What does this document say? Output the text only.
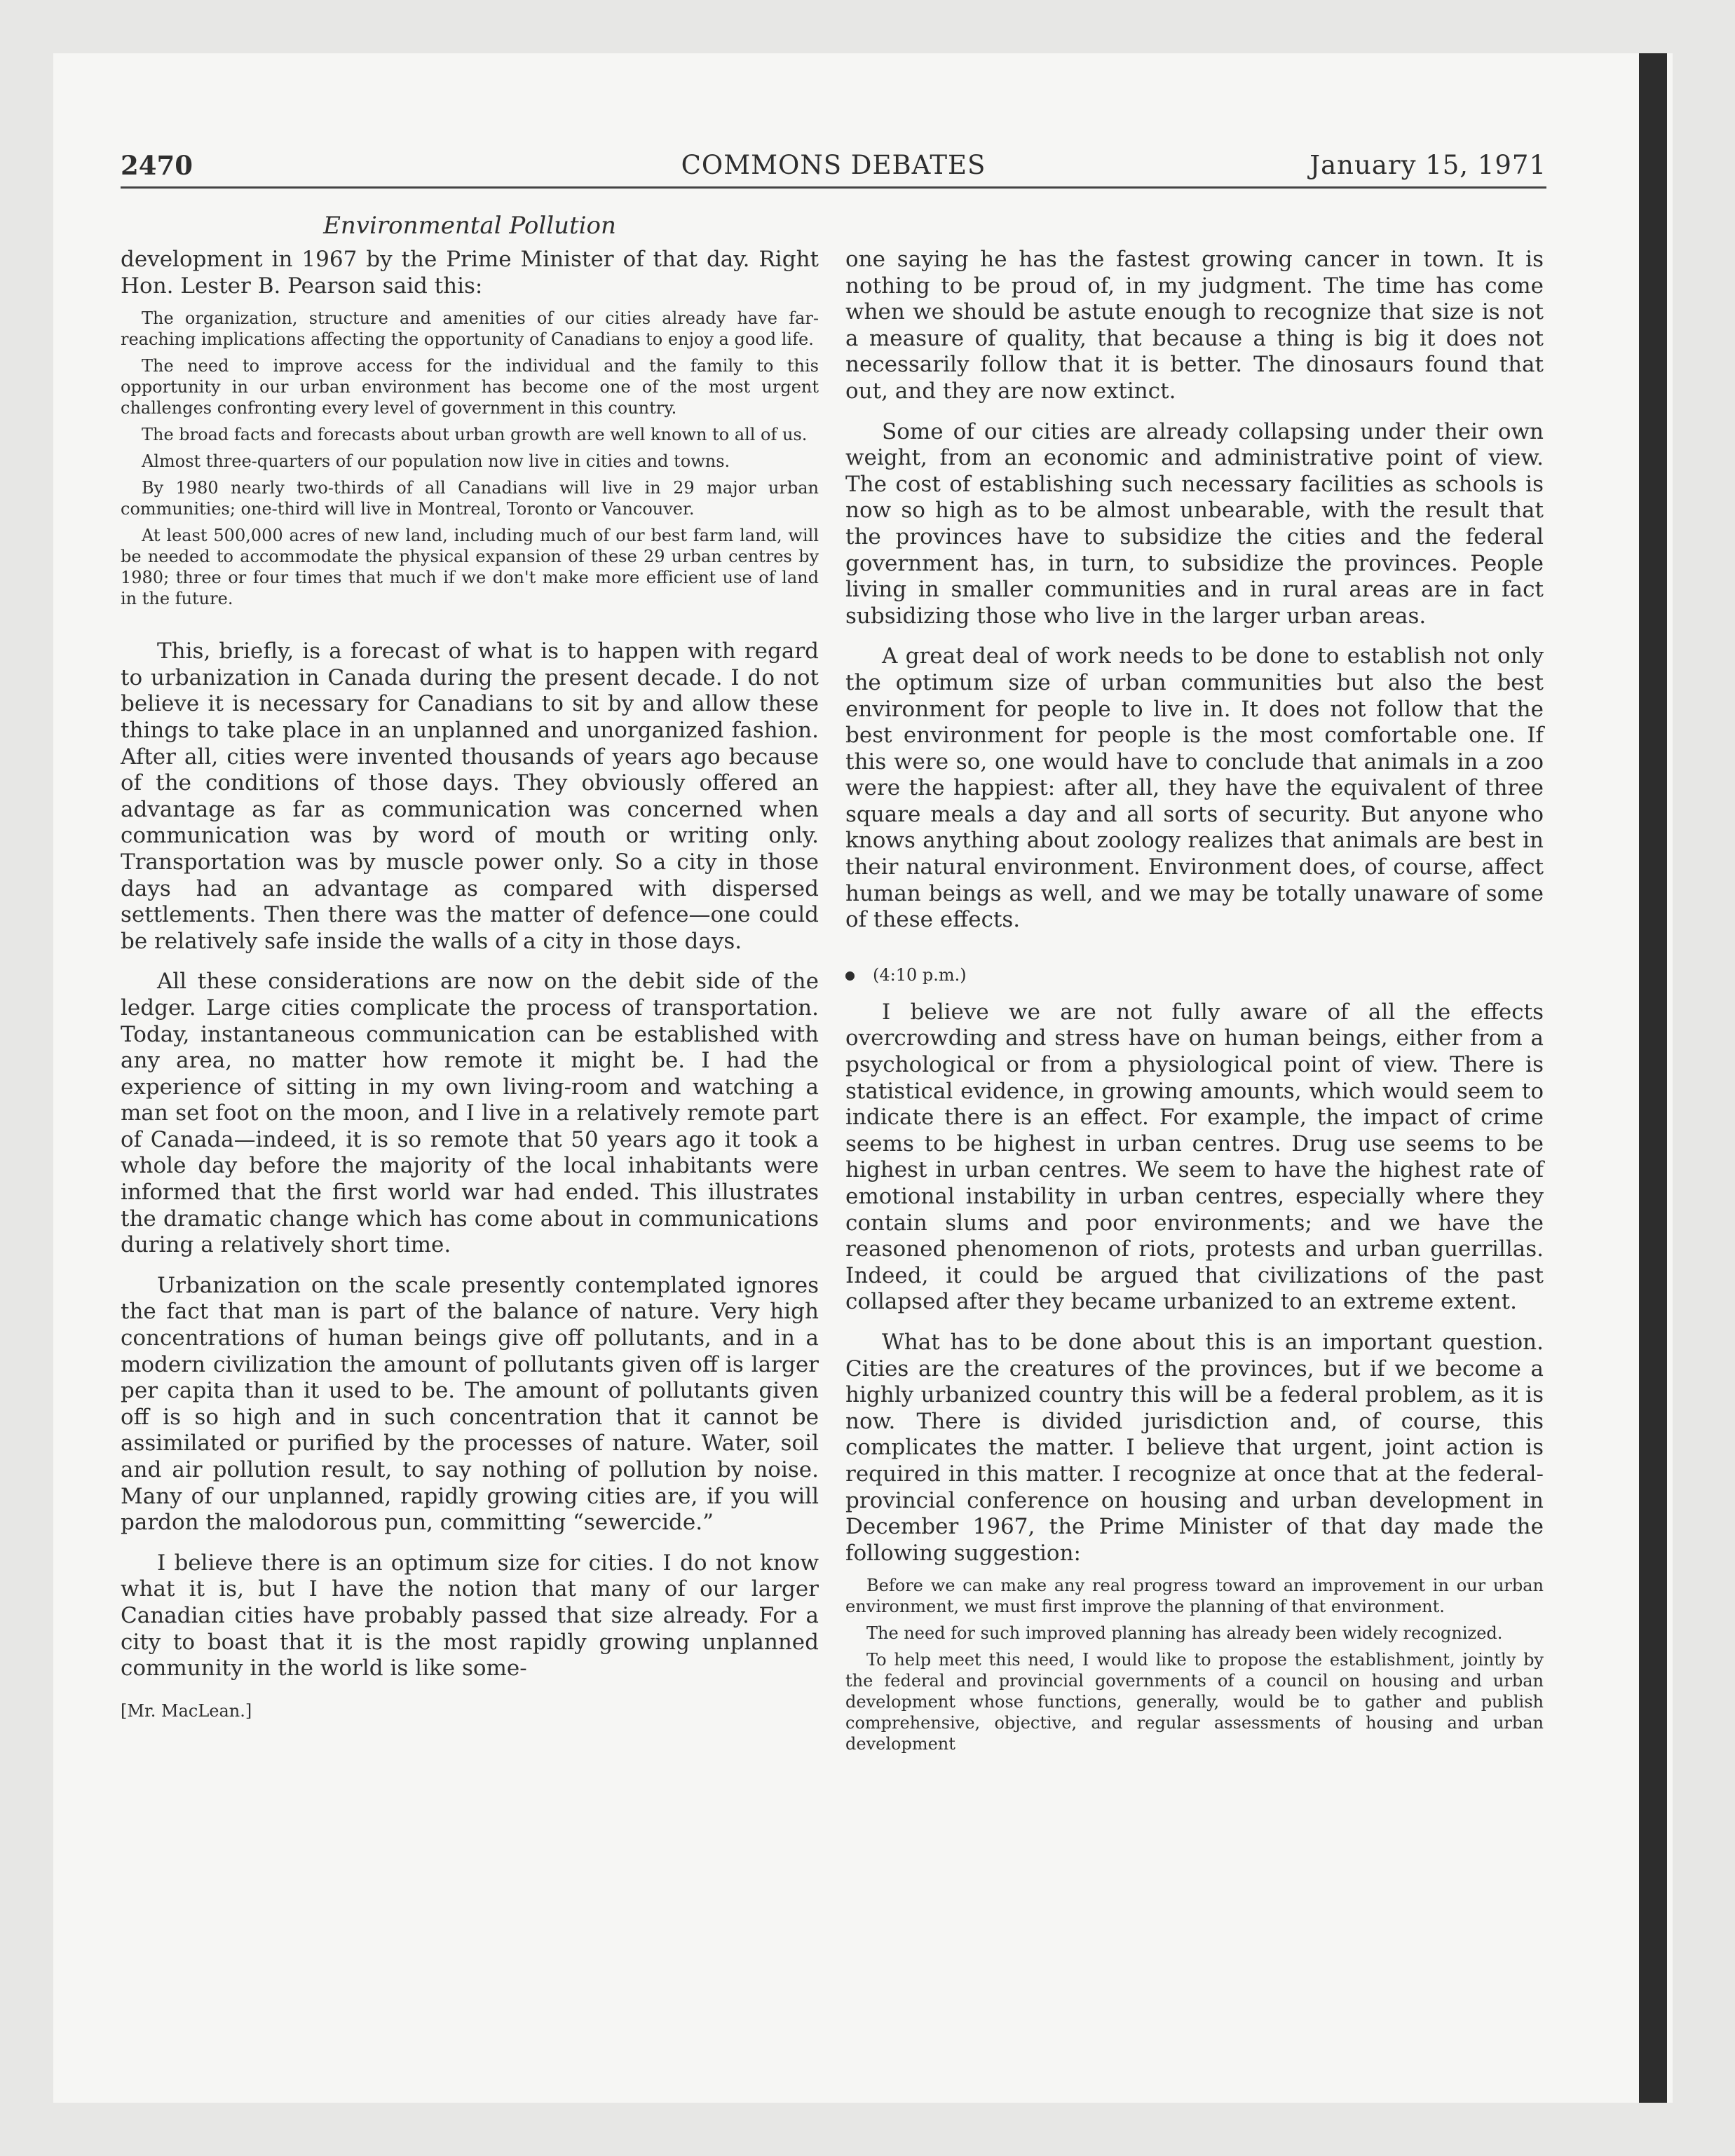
2470	COMMONS DEBATES	January 15, 1971
Environmental Pollution

development in 1967 by the Prime Minister of that day. Right Hon. Lester B. Pearson said this:

The organization, structure and amenities of our cities already have far-reaching implications affecting the opportunity of Canadians to enjoy a good life.

The need to improve access for the individual and the family to this opportunity in our urban environment has become one of the most urgent challenges confronting every level of government in this country.

The broad facts and forecasts about urban growth are well known to all of us.

Almost three-quarters of our population now live in cities and towns.

By 1980 nearly two-thirds of all Canadians will live in 29 major urban communities; one-third will live in Montreal, Toronto or Vancouver.

At least 500,000 acres of new land, including much of our best farm land, will be needed to accommodate the physical expansion of these 29 urban centres by 1980; three or four times that much if we don't make more efficient use of land in the future.

This, briefly, is a forecast of what is to happen with regard to urbanization in Canada during the present decade. I do not believe it is necessary for Canadians to sit by and allow these things to take place in an unplanned and unorganized fashion. After all, cities were invented thousands of years ago because of the conditions of those days. They obviously offered an advantage as far as communication was concerned when communication was by word of mouth or writing only. Transportation was by muscle power only. So a city in those days had an advantage as compared with dispersed settlements. Then there was the matter of defence—one could be relatively safe inside the walls of a city in those days.

All these considerations are now on the debit side of the ledger. Large cities complicate the process of transportation. Today, instantaneous communication can be established with any area, no matter how remote it might be. I had the experience of sitting in my own living-room and watching a man set foot on the moon, and I live in a relatively remote part of Canada—indeed, it is so remote that 50 years ago it took a whole day before the majority of the local inhabitants were informed that the first world war had ended. This illustrates the dramatic change which has come about in communications during a relatively short time.

Urbanization on the scale presently contemplated ignores the fact that man is part of the balance of nature. Very high concentrations of human beings give off pollutants, and in a modern civilization the amount of pollutants given off is larger per capita than it used to be. The amount of pollutants given off is so high and in such concentration that it cannot be assimilated or purified by the processes of nature. Water, soil and air pollution result, to say nothing of pollution by noise. Many of our unplanned, rapidly growing cities are, if you will pardon the malodorous pun, committing “sewercide.”

I believe there is an optimum size for cities. I do not know what it is, but I have the notion that many of our larger Canadian cities have probably passed that size already. For a city to boast that it is the most rapidly growing unplanned community in the world is like some-

[Mr. MacLean.]

one saying he has the fastest growing cancer in town. It is nothing to be proud of, in my judgment. The time has come when we should be astute enough to recognize that size is not a measure of quality, that because a thing is big it does not necessarily follow that it is better. The dinosaurs found that out, and they are now extinct.

Some of our cities are already collapsing under their own weight, from an economic and administrative point of view. The cost of establishing such necessary facilities as schools is now so high as to be almost unbearable, with the result that the provinces have to subsidize the cities and the federal government has, in turn, to subsidize the provinces. People living in smaller communities and in rural areas are in fact subsidizing those who live in the larger urban areas.

A great deal of work needs to be done to establish not only the optimum size of urban communities but also the best environment for people to live in. It does not follow that the best environment for people is the most comfortable one. If this were so, one would have to conclude that animals in a zoo were the happiest: after all, they have the equivalent of three square meals a day and all sorts of security. But anyone who knows anything about zoology realizes that animals are best in their natural environment. Environment does, of course, affect human beings as well, and we may be totally unaware of some of these effects.

(4:10 p.m.)

I believe we are not fully aware of all the effects overcrowding and stress have on human beings, either from a psychological or from a physiological point of view. There is statistical evidence, in growing amounts, which would seem to indicate there is an effect. For example, the impact of crime seems to be highest in urban centres. Drug use seems to be highest in urban centres. We seem to have the highest rate of emotional instability in urban centres, especially where they contain slums and poor environments; and we have the reasoned phenomenon of riots, protests and urban guerrillas. Indeed, it could be argued that civilizations of the past collapsed after they became urbanized to an extreme extent.

What has to be done about this is an important question. Cities are the creatures of the provinces, but if we become a highly urbanized country this will be a federal problem, as it is now. There is divided jurisdiction and, of course, this complicates the matter. I believe that urgent, joint action is required in this matter. I recognize at once that at the federal-provincial conference on housing and urban development in December 1967, the Prime Minister of that day made the following suggestion:

Before we can make any real progress toward an improvement in our urban environment, we must first improve the planning of that environment.

The need for such improved planning has already been widely recognized.

To help meet this need, I would like to propose the establishment, jointly by the federal and provincial governments of a council on housing and urban development whose functions, generally, would be to gather and publish comprehensive, objective, and regular assessments of housing and urban development
